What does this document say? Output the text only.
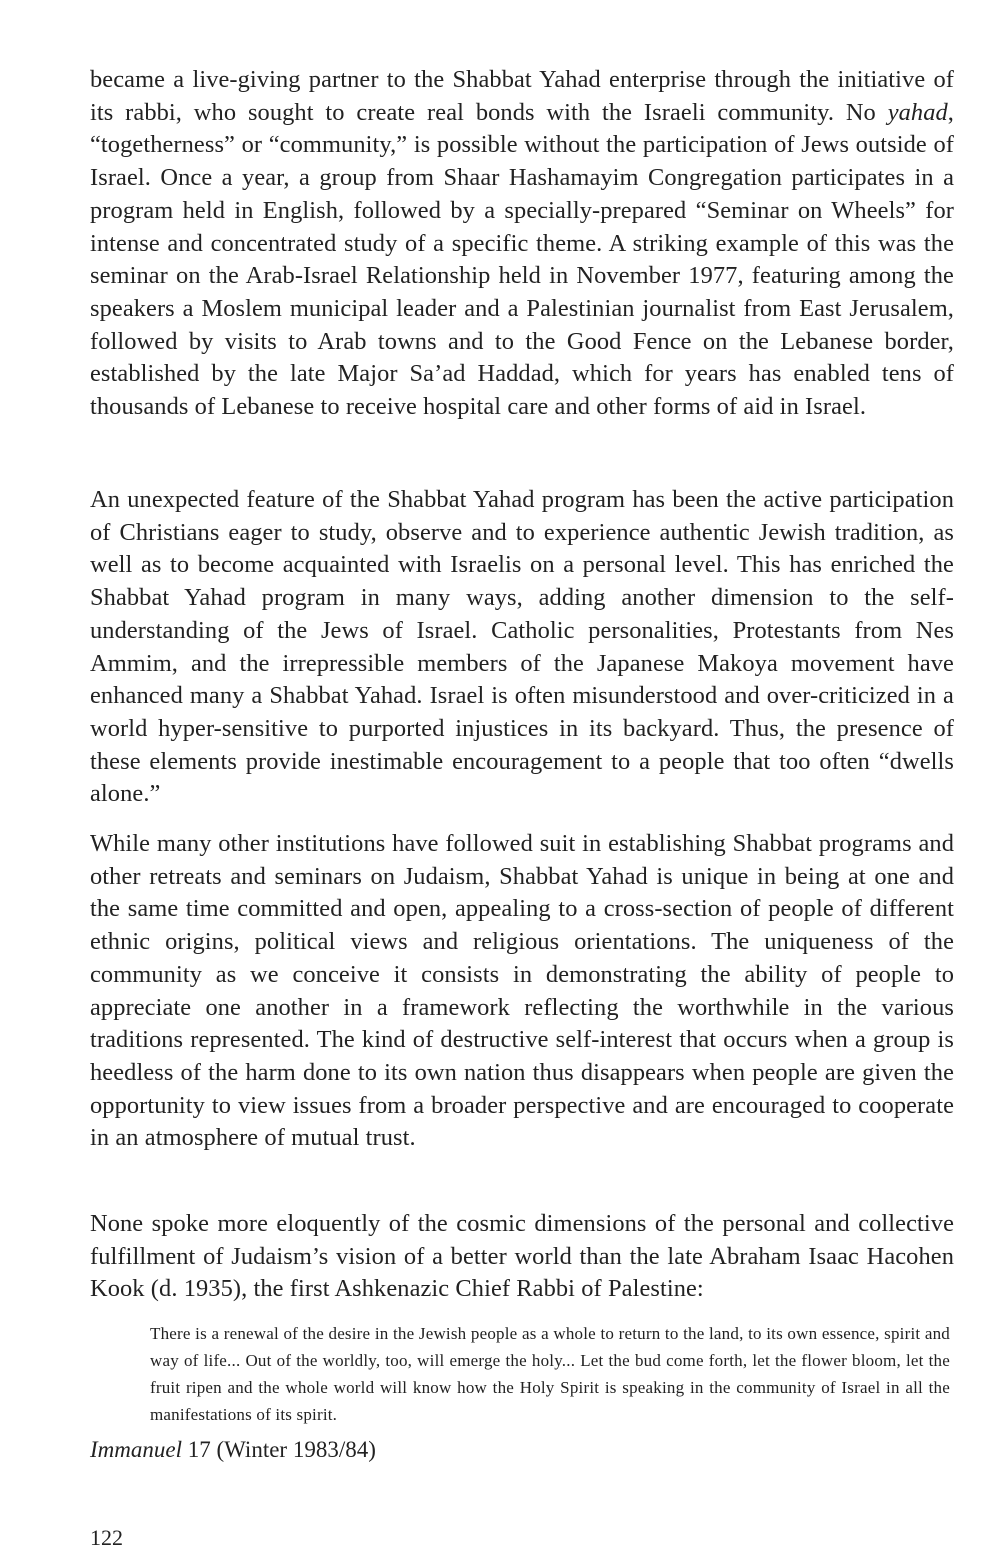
became a live-giving partner to the Shabbat Yahad enterprise through the initiative of its rabbi, who sought to create real bonds with the Israeli community. No yahad, “togetherness” or “community,” is possible without the participation of Jews outside of Israel. Once a year, a group from Shaar Hashamayim Congregation participates in a program held in English, followed by a specially-prepared “Seminar on Wheels” for intense and concentrated study of a specific theme. A striking example of this was the seminar on the Arab-Israel Relationship held in November 1977, featuring among the speakers a Moslem municipal leader and a Palestinian journalist from East Jerusalem, followed by visits to Arab towns and to the Good Fence on the Lebanese border, established by the late Major Sa’ad Haddad, which for years has enabled tens of thousands of Lebanese to receive hospital care and other forms of aid in Israel.

An unexpected feature of the Shabbat Yahad program has been the active participation of Christians eager to study, observe and to experience authentic Jewish tradition, as well as to become acquainted with Israelis on a personal level. This has enriched the Shabbat Yahad program in many ways, adding another dimension to the self-understanding of the Jews of Israel. Catholic personalities, Protestants from Nes Ammim, and the irrepressible members of the Japanese Makoya movement have enhanced many a Shabbat Yahad. Israel is often misunderstood and over-criticized in a world hyper-sensitive to purported injustices in its backyard. Thus, the presence of these elements provide inestimable encouragement to a people that too often “dwells alone.”

While many other institutions have followed suit in establishing Shabbat programs and other retreats and seminars on Judaism, Shabbat Yahad is unique in being at one and the same time committed and open, appealing to a cross-section of people of different ethnic origins, political views and religious orientations. The uniqueness of the community as we conceive it consists in demonstrating the ability of people to appreciate one another in a framework reflecting the worthwhile in the various traditions represented. The kind of destructive self-interest that occurs when a group is heedless of the harm done to its own nation thus disappears when people are given the opportunity to view issues from a broader perspective and are encouraged to cooperate in an atmosphere of mutual trust.

None spoke more eloquently of the cosmic dimensions of the personal and collective fulfillment of Judaism’s vision of a better world than the late Abraham Isaac Hacohen Kook (d. 1935), the first Ashkenazic Chief Rabbi of Palestine:

There is a renewal of the desire in the Jewish people as a whole to return to the land, to its own essence, spirit and way of life... Out of the worldly, too, will emerge the holy... Let the bud come forth, let the flower bloom, let the fruit ripen and the whole world will know how the Holy Spirit is speaking in the community of Israel in all the manifestations of its spirit.

Immanuel 17 (Winter 1983/84)
122
